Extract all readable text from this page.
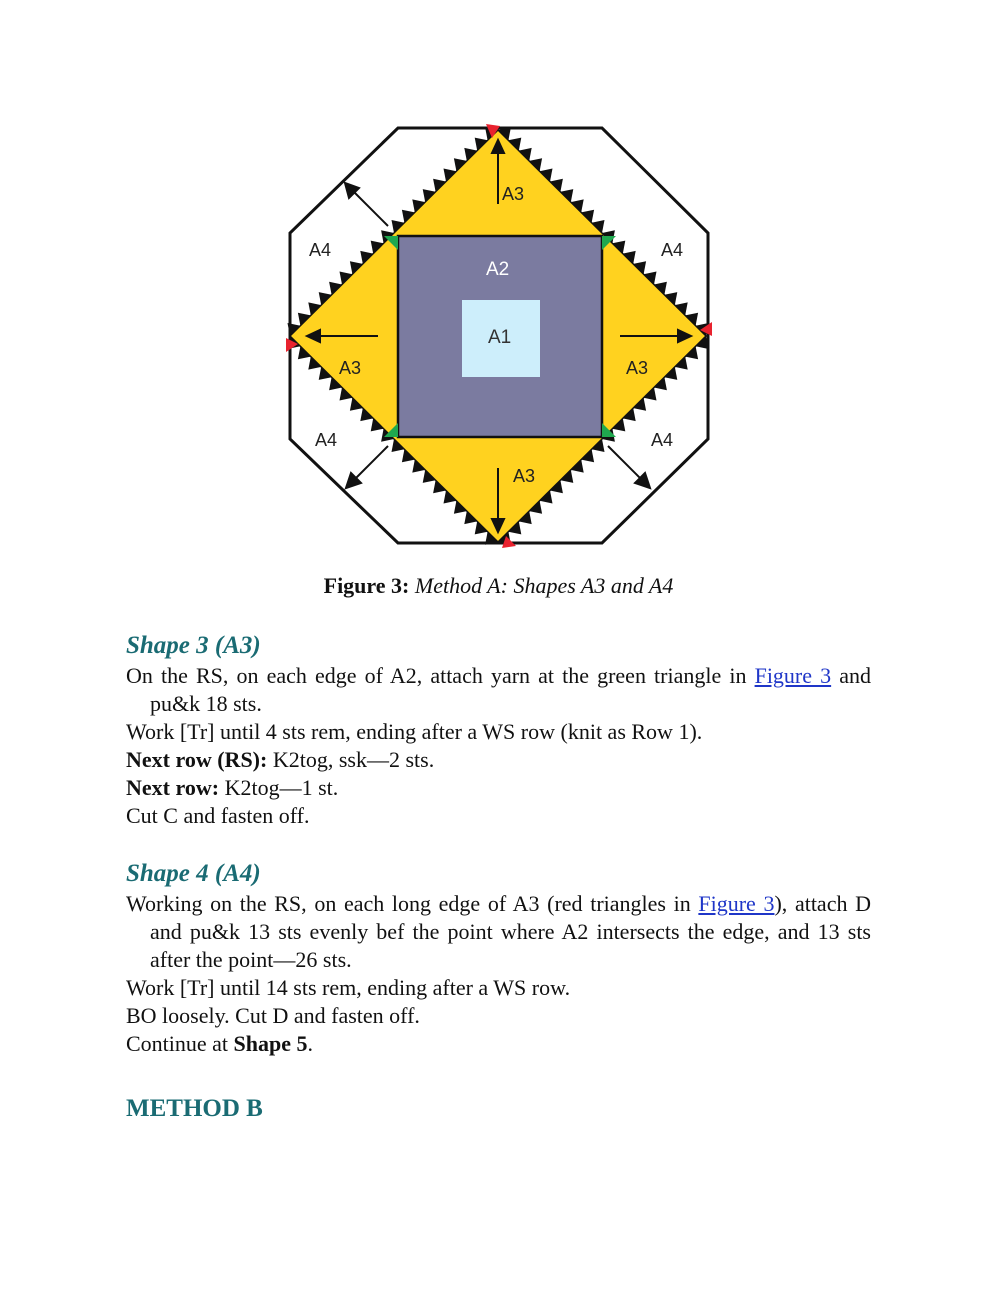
A3
A2
A1
A3	A3
A3
A4	A4
A4	A4
Figure 3: Method A: Shapes A3 and A4
Shape 3 (A3)

On the RS, on each edge of A2, attach yarn at the green triangle in Figure 3 and pu&k 18 sts.

Work [Tr] until 4 sts rem, ending after a WS row (knit as Row 1).

Next row (RS): K2tog, ssk—2 sts.

Next row: K2tog—1 st.

Cut C and fasten off.

Shape 4 (A4)

Working on the RS, on each long edge of A3 (red triangles in Figure 3), attach D and pu&k 13 sts evenly bef the point where A2 intersects the edge, and 13 sts after the point—26 sts.

Work [Tr] until 14 sts rem, ending after a WS row.

BO loosely. Cut D and fasten off.

Continue at Shape 5.

METHOD B
